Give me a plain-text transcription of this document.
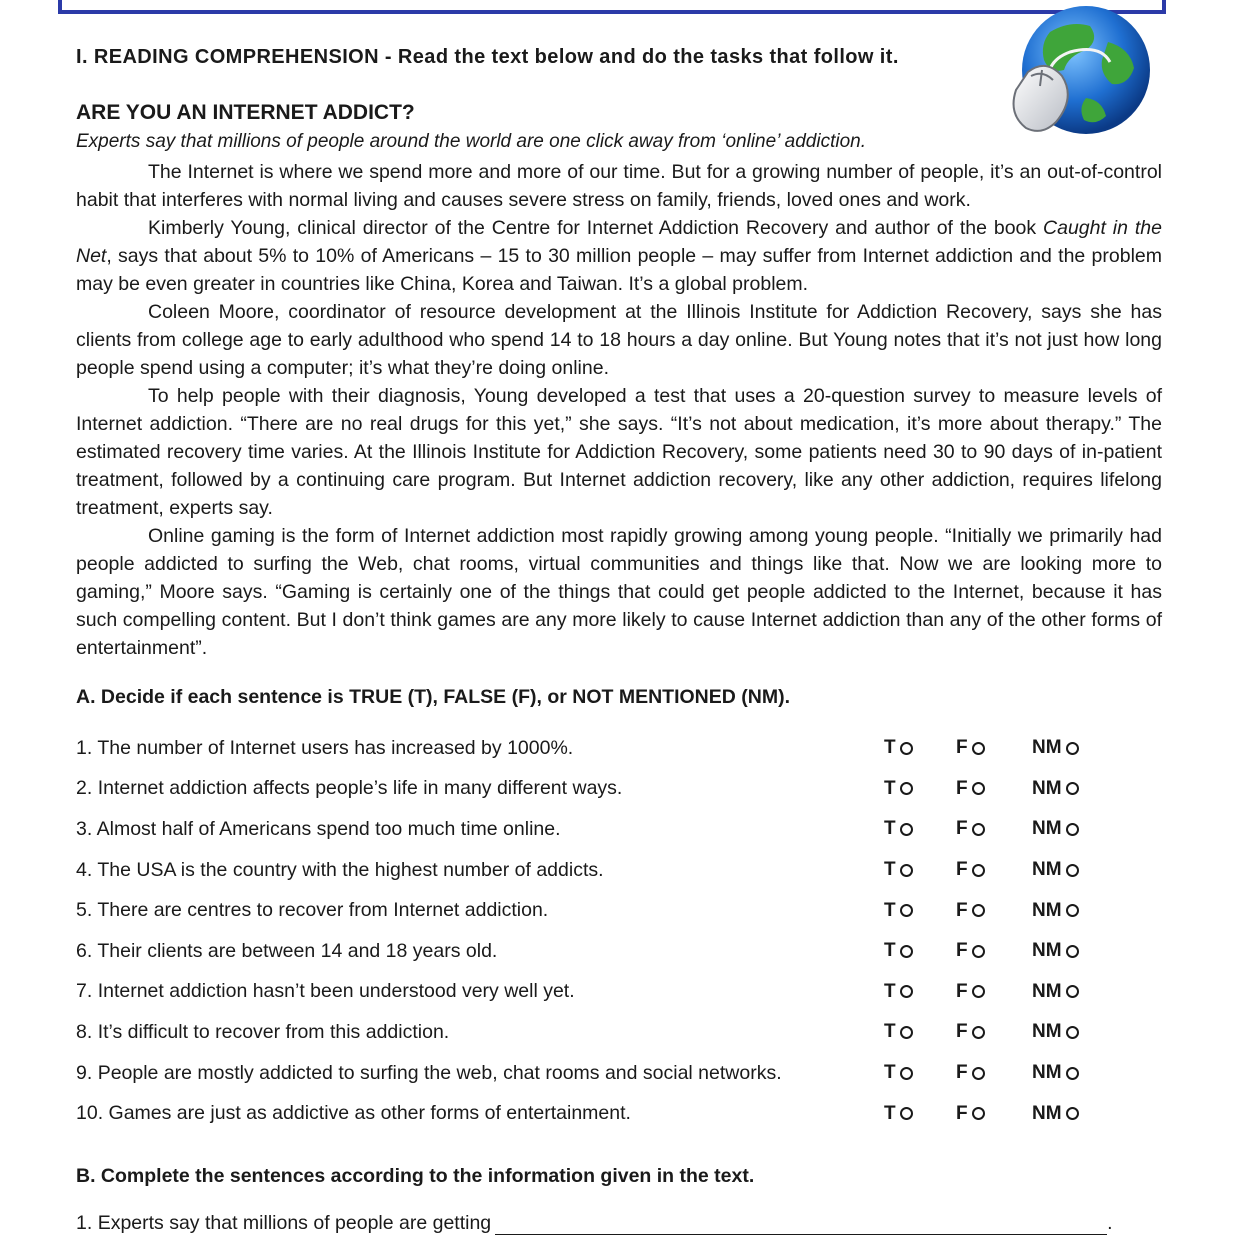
I. READING COMPREHENSION - Read the text below and do the tasks that follow it.
ARE YOU AN INTERNET ADDICT?
Experts say that millions of people around the world are one click away from ‘online’ addiction.

The Internet is where we spend more and more of our time. But for a growing number of people, it’s an out-of-control habit that interferes with normal living and causes severe stress on family, friends, loved ones and work.

Kimberly Young, clinical director of the Centre for Internet Addiction Recovery and author of the book Caught in the Net, says that about 5% to 10% of Americans – 15 to 30 million people – may suffer from Internet addiction and the problem may be even greater in countries like China, Korea and Taiwan. It’s a global problem.

Coleen Moore, coordinator of resource development at the Illinois Institute for Addiction Recovery, says she has clients from college age to early adulthood who spend 14 to 18 hours a day online. But Young notes that it’s not just how long people spend using a computer; it’s what they’re doing online.

To help people with their diagnosis, Young developed a test that uses a 20-question survey to measure levels of Internet addiction. “There are no real drugs for this yet,” she says. “It’s not about medication, it’s more about therapy.” The estimated recovery time varies. At the Illinois Institute for Addiction Recovery, some patients need 30 to 90 days of in-patient treatment, followed by a continuing care program. But Internet addiction recovery, like any other addiction, requires lifelong treatment, experts say.

Online gaming is the form of Internet addiction most rapidly growing among young people. “Initially we primarily had people addicted to surfing the Web, chat rooms, virtual communities and things like that. Now we are looking more to gaming,” Moore says. “Gaming is certainly one of the things that could get people addicted to the Internet, because it has such compelling content. But I don’t think games are any more likely to cause Internet addiction than any of the other forms of entertainment”.

A. Decide if each sentence is TRUE (T), FALSE (F), or NOT MENTIONED (NM).
1. The number of Internet users has increased by 1000%.	T	F	NM
2. Internet addiction affects people’s life in many different ways.	T	F	NM
3. Almost half of Americans spend too much time online.	T	F	NM
4. The USA is the country with the highest number of addicts.	T	F	NM
5. There are centres to recover from Internet addiction.	T	F	NM
6. Their clients are between 14 and 18 years old.	T	F	NM
7. Internet addiction hasn’t been understood very well yet.	T	F	NM
8. It’s difficult to recover from this addiction.	T	F	NM
9. People are mostly addicted to surfing the web, chat rooms and social networks.	T	F	NM
10. Games are just as addictive as other forms of entertainment.	T	F	NM
B. Complete the sentences according to the information given in the text.
1.
Experts say that millions of people are getting	.
